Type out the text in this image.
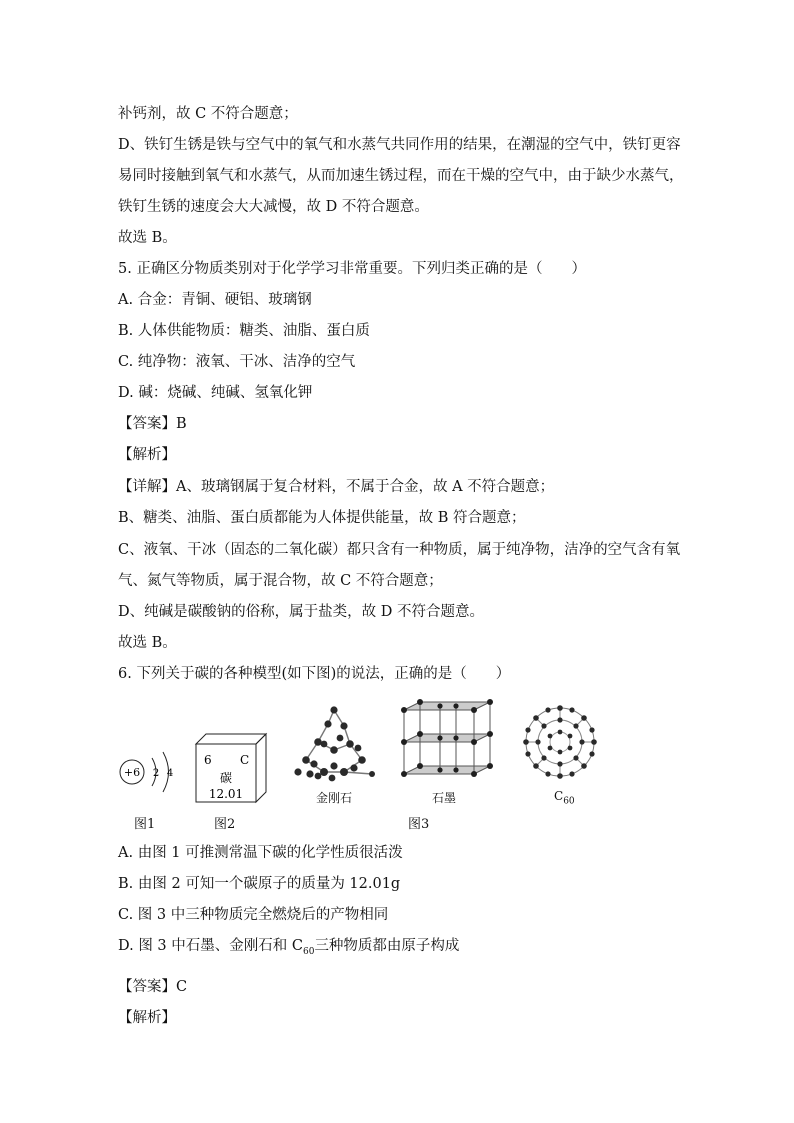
补钙剂，故 C 不符合题意；
D、铁钉生锈是铁与空气中的氧气和水蒸气共同作用的结果，在潮湿的空气中，铁钉更容
易同时接触到氧气和水蒸气，从而加速生锈过程，而在干燥的空气中，由于缺少水蒸气，
铁钉生锈的速度会大大减慢，故 D 不符合题意。
故选 B。
5. 正确区分物质类别对于化学学习非常重要。下列归类正确的是（　　）
A. 合金：青铜、硬铝、玻璃钢
B. 人体供能物质：糖类、油脂、蛋白质
C. 纯净物：液氧、干冰、洁净的空气
D. 碱：烧碱、纯碱、氢氧化钾
【答案】B
【解析】
【详解】A、玻璃钢属于复合材料，不属于合金，故 A 不符合题意；
B、糖类、油脂、蛋白质都能为人体提供能量，故 B 符合题意；
C、液氧、干冰（固态的二氧化碳）都只含有一种物质，属于纯净物，洁净的空气含有氧
气、氮气等物质，属于混合物，故 C 不符合题意；
D、纯碱是碳酸钠的俗称，属于盐类，故 D 不符合题意。
故选 B。
6. 下列关于碳的各种模型(如下图)的说法，正确的是（　　）
+6 2 4
6 C
碳
12.01	金刚石	石墨	$C_{60}$
图1	图2	图3
A. 由图 1 可推测常温下碳的化学性质很活泼
B. 由图 2 可知一个碳原子的质量为 12.01g
C. 图 3 中三种物质完全燃烧后的产物相同
D. 图 3 中石墨、金刚石和 $C_{60}$三种物质都由原子构成
【答案】C
【解析】
